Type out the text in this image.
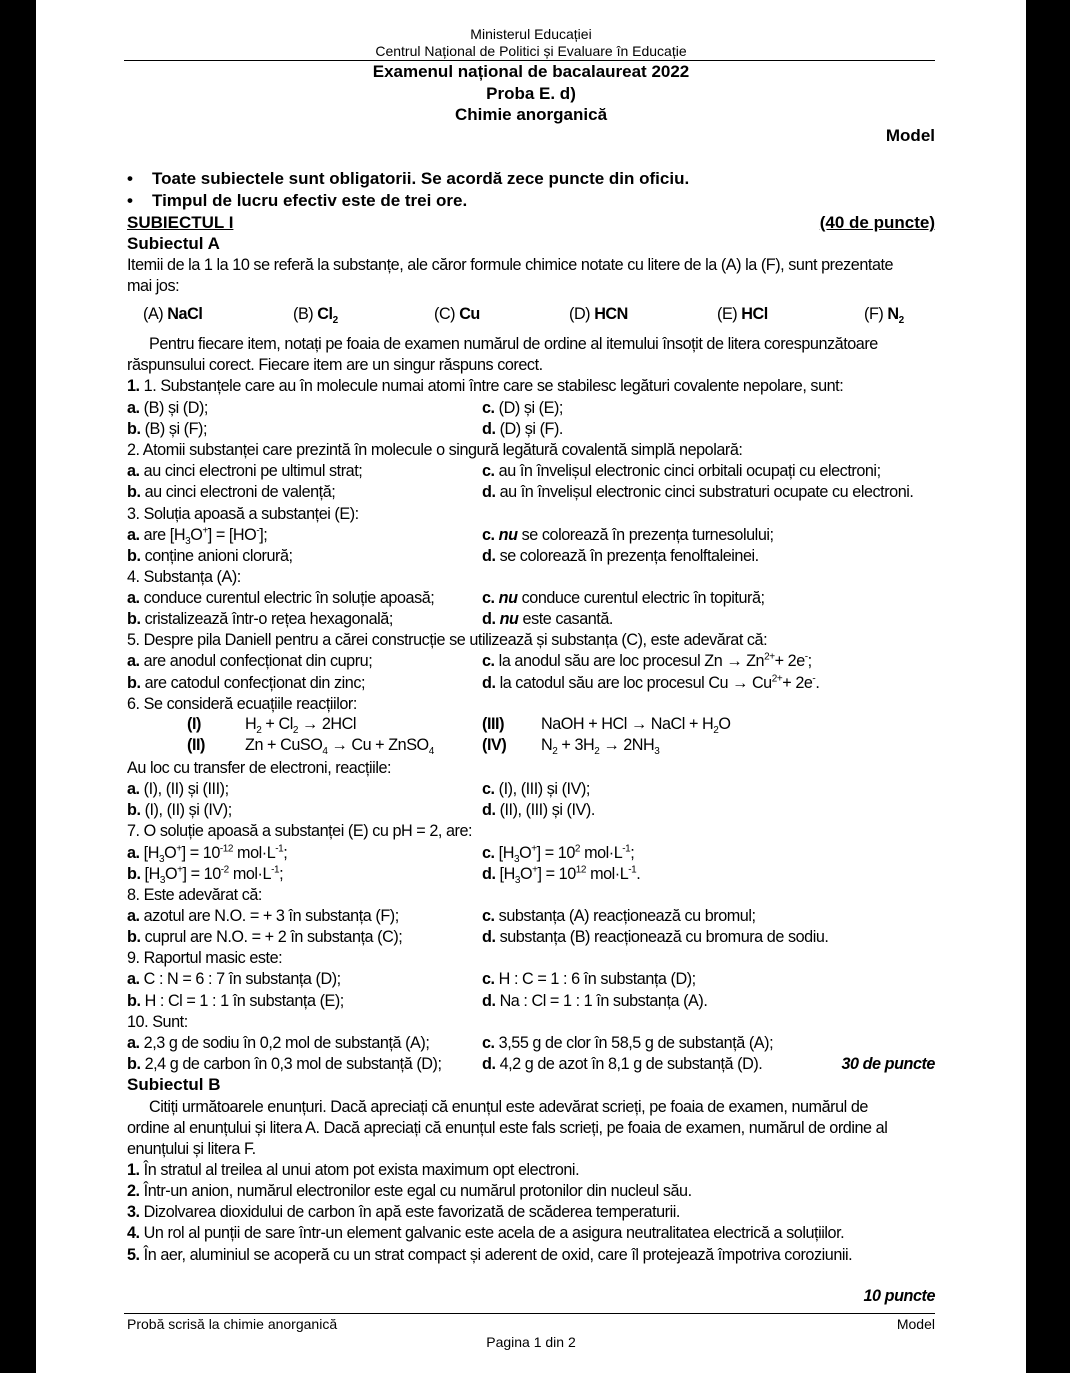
Ministerul Educației
Centrul Național de Politici și Evaluare în Educație
Examenul național de bacalaureat 2022
Proba E. d)
Chimie anorganică
Model
• Toate subiectele sunt obligatorii. Se acordă zece puncte din oficiu.
• Timpul de lucru efectiv este de trei ore.
SUBIECTUL I	(40 de puncte)
Subiectul A
Itemii de la 1 la 10 se referă la substanțe, ale căror formule chimice notate cu litere de la (A) la (F), sunt prezentate
mai jos:
(A) NaCl	(B) $Cl_2$	(C) Cu	(D) HCN	(E) HCl	(F) $N_2$
Pentru fiecare item, notați pe foaia de examen numărul de ordine al itemului însoțit de litera corespunzătoare
răspunsului corect. Fiecare item are un singur răspuns corect.
1. 1. Substanțele care au în molecule numai atomi între care se stabilesc legături covalente nepolare, sunt:
a. (B) și (D);	c. (D) și (E);
b. (B) și (F);	d. (D) și (F).
2. Atomii substanței care prezintă în molecule o singură legătură covalentă simplă nepolară:
a. au cinci electroni pe ultimul strat;	c. au în învelișul electronic cinci orbitali ocupați cu electroni;
b. au cinci electroni de valență;	d. au în învelișul electronic cinci substraturi ocupate cu electroni.
3. Soluția apoasă a substanței (E):
a. are $[H_3O^+] = [HO^-]$;	c. nu se colorează în prezența turnesolului;
b. conține anioni clorură;	d. se colorează în prezența fenolftaleinei.
4. Substanța (A):
a. conduce curentul electric în soluție apoasă;	c. nu conduce curentul electric în topitură;
b. cristalizează într-o rețea hexagonală;	d. nu este casantă.
5. Despre pila Daniell pentru a cărei construcție se utilizează și substanța (C), este adevărat că:
a. are anodul confecționat din cupru;	c. la anodul său are loc procesul $Zn \to Zn^{2+}+ 2e^-$;
b. are catodul confecționat din zinc;	d. la catodul său are loc procesul $Cu \to Cu^{2+}+ 2e^-$.
6. Se consideră ecuațiile reacțiilor:
(I)	$H_2 + Cl_2 \to 2HCl$	(III) NaOH + HCl → NaCl + $H_2O$
(II) Zn + CuSO$_4$ → Cu + ZnSO$_4$	(IV) $N_2 + 3H_2 \to 2NH_3$
Au loc cu transfer de electroni, reacțiile:
a. (I), (II) și (III);	c. (I), (III) și (IV);
b. (I), (II) și (IV);	d. (II), (III) și (IV).
7. O soluție apoasă a substanței (E) cu pH = 2, are:
a. $[H_3O^+] = 10^{-12}$ $mol\cdot L^{-1}$;	c. $[H_3O^+] = 10^2$ $mol\cdot L^{-1}$;
b. $[H_3O^+] = 10^{-2}$ $mol\cdot L^{-1}$;	d. $[H_3O^+] = 10^{12}$ $mol\cdot L^{-1}$.
8. Este adevărat că:
a. azotul are N.O. = + 3 în substanța (F);	c. substanța (A) reacționează cu bromul;
b. cuprul are N.O. = + 2 în substanța (C);	d. substanța (B) reacționează cu bromura de sodiu.
9. Raportul masic este:
a. C : N = 6 : 7 în substanța (D);	c. H : C = 1 : 6 în substanța (D);
b. H : Cl = 1 : 1 în substanța (E);	d. Na : Cl = 1 : 1 în substanța (A).
10. Sunt:
a. 2,3 g de sodiu în 0,2 mol de substanță (A);	c. 3,55 g de clor în 58,5 g de substanță (A);
b. 2,4 g de carbon în 0,3 mol de substanță (D); d. 4,2 g de azot în 8,1 g de substanță (D).	30 de puncte
Subiectul B
Citiți următoarele enunțuri. Dacă apreciați că enunțul este adevărat scrieți, pe foaia de examen, numărul de
ordine al enunțului și litera A. Dacă apreciați că enunțul este fals scrieți, pe foaia de examen, numărul de ordine al
enunțului și litera F.
1. În stratul al treilea al unui atom pot exista maximum opt electroni.
2. Într-un anion, numărul electronilor este egal cu numărul protonilor din nucleul său.
3. Dizolvarea dioxidului de carbon în apă este favorizată de scăderea temperaturii.
4. Un rol al punții de sare într-un element galvanic este acela de a asigura neutralitatea electrică a soluțiilor.
5. În aer, aluminiul se acoperă cu un strat compact și aderent de oxid, care îl protejează împotriva coroziunii.
10 puncte
Probă scrisă la chimie anorganică	Model
Pagina 1 din 2
